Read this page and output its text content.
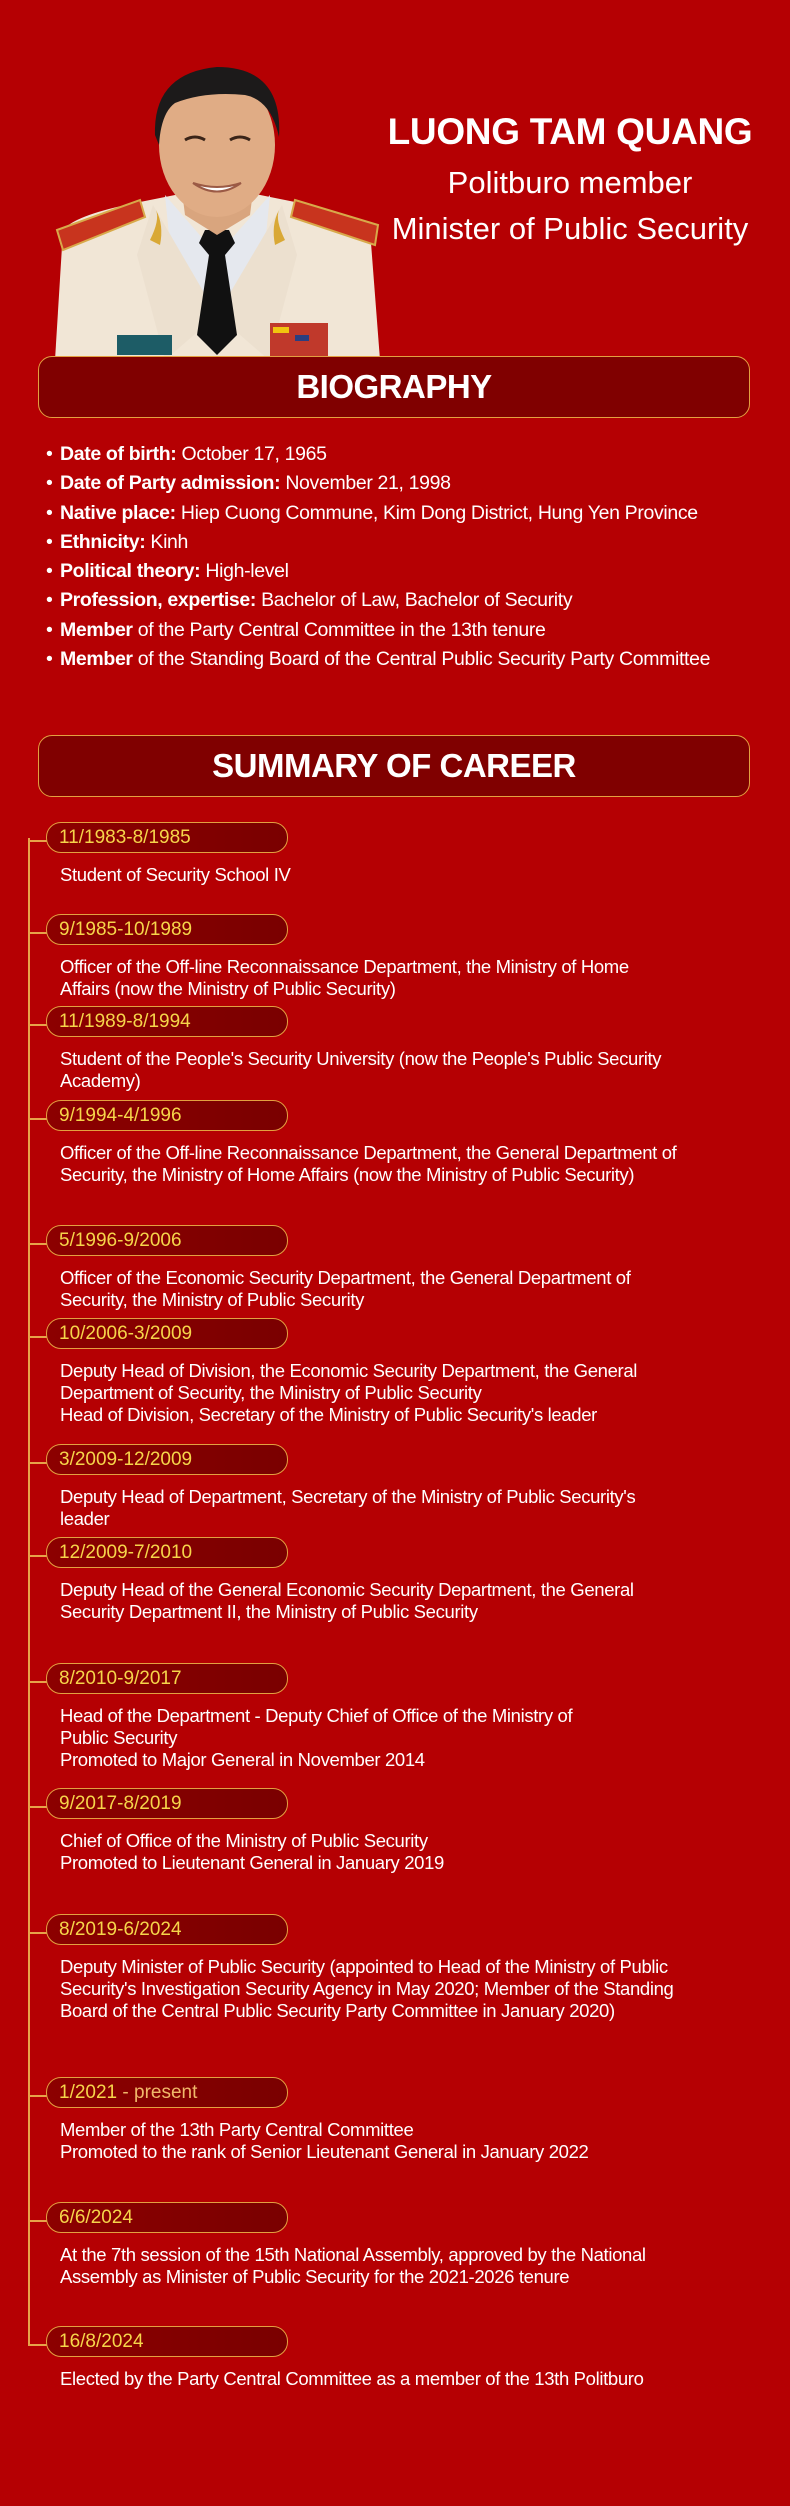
LUONG TAM QUANG
Politburo member
Minister of Public Security
BIOGRAPHY
• Date of birth: October 17, 1965
• Date of Party admission: November 21, 1998
• Native place: Hiep Cuong Commune, Kim Dong District, Hung Yen Province
• Ethnicity: Kinh
• Political theory: High-level
• Profession, expertise: Bachelor of Law, Bachelor of Security
• Member of the Party Central Committee in the 13th tenure
• Member of the Standing Board of the Central Public Security Party Committee
SUMMARY OF CAREER
11/1983-8/1985
Student of Security School IV
9/1985-10/1989
Officer of the Off-line Reconnaissance Department, the Ministry of Home
Affairs (now the Ministry of Public Security)
11/1989-8/1994
Student of the People's Security University (now the People's Public Security
Academy)
9/1994-4/1996
Officer of the Off-line Reconnaissance Department, the General Department of
Security, the Ministry of Home Affairs (now the Ministry of Public Security)
5/1996-9/2006
Officer of the Economic Security Department, the General Department of
Security, the Ministry of Public Security
10/2006-3/2009
Deputy Head of Division, the Economic Security Department, the General
Department of Security, the Ministry of Public Security
Head of Division, Secretary of the Ministry of Public Security's leader
3/2009-12/2009
Deputy Head of Department, Secretary of the Ministry of Public Security's
leader
12/2009-7/2010
Deputy Head of the General Economic Security Department, the General
Security Department II, the Ministry of Public Security
8/2010-9/2017
Head of the Department - Deputy Chief of Office of the Ministry of
Public Security
Promoted to Major General in November 2014
9/2017-8/2019
Chief of Office of the Ministry of Public Security
Promoted to Lieutenant General in January 2019
8/2019-6/2024
Deputy Minister of Public Security (appointed to Head of the Ministry of Public
Security's Investigation Security Agency in May 2020; Member of the Standing
Board of the Central Public Security Party Committee in January 2020)
1/2021 - present
Member of the 13th Party Central Committee
Promoted to the rank of Senior Lieutenant General in January 2022
6/6/2024
At the 7th session of the 15th National Assembly, approved by the National
Assembly as Minister of Public Security for the 2021-2026 tenure
16/8/2024
Elected by the Party Central Committee as a member of the 13th Politburo
